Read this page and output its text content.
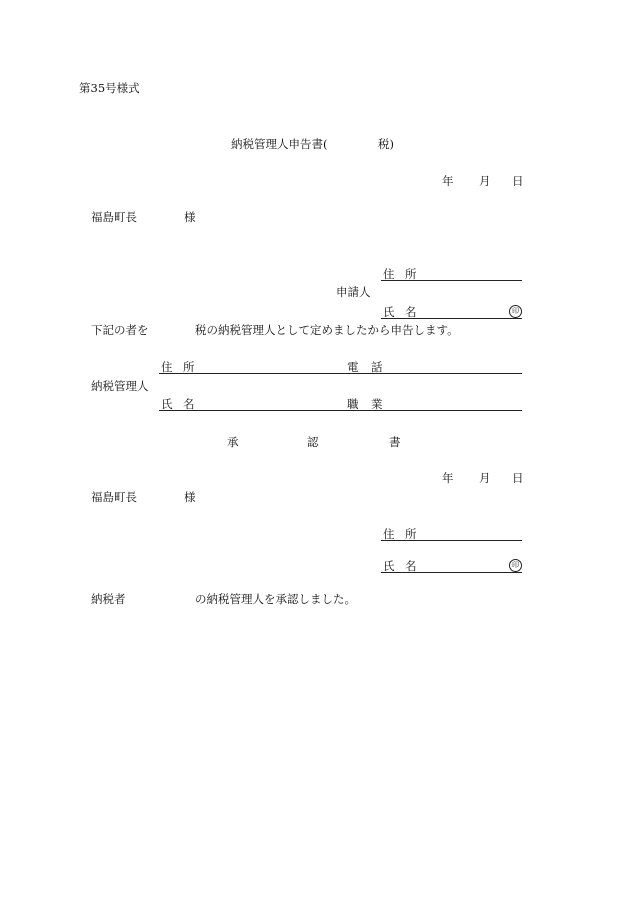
第35号様式
納税管理人申告書(	税)
年 月 日
福島町長	様
住 所
申請人
氏 名	印
下記の者を	税の納税管理人として定めましたから申告します。
住 所	電 話
納税管理人
氏 名	職 業
承	認	書
年 月 日
福島町長	様
住 所
氏 名	印
納税者	の納税管理人を承認しました。
